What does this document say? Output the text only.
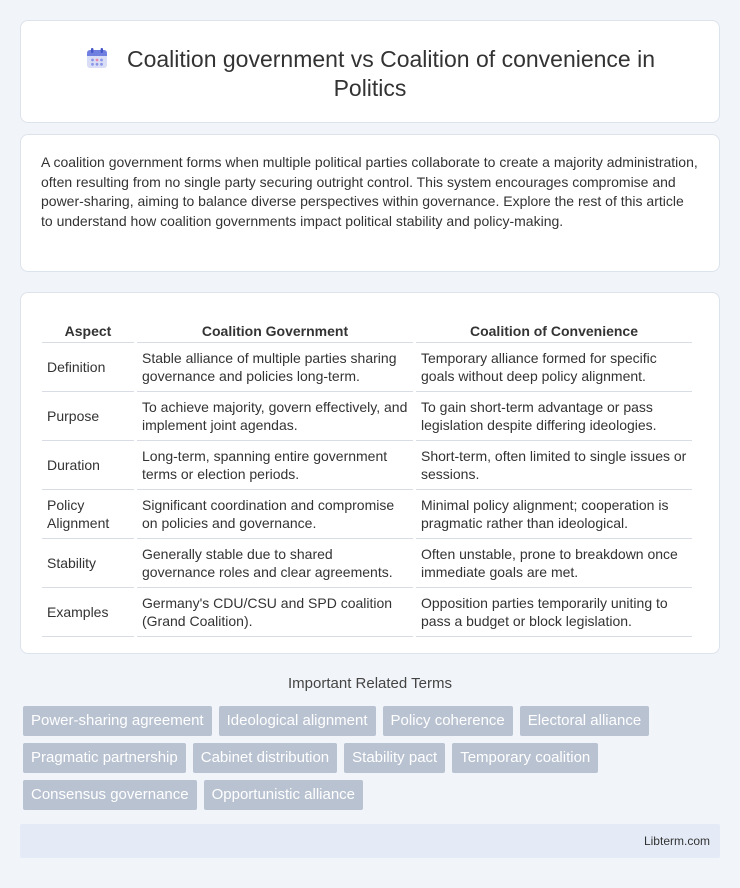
Coalition government vs Coalition of convenience in Politics

A coalition government forms when multiple political parties collaborate to create a majority administration, often resulting from no single party securing outright control. This system encourages compromise and power-sharing, aiming to balance diverse perspectives within governance. Explore the rest of this article to understand how coalition governments impact political stability and policy-making.

Aspect	Coalition Government	Coalition of Convenience
Definition	Stable alliance of multiple parties sharing governance and policies long-term.	Temporary alliance formed for specific goals without deep policy alignment.
Purpose	To achieve majority, govern effectively, and implement joint agendas.	To gain short-term advantage or pass legislation despite differing ideologies.
Duration	Long-term, spanning entire government terms or election periods.	Short-term, often limited to single issues or sessions.
Policy Alignment	Significant coordination and compromise on policies and governance.	Minimal policy alignment; cooperation is pragmatic rather than ideological.
Stability	Generally stable due to shared governance roles and clear agreements.	Often unstable, prone to breakdown once immediate goals are met.
Examples	Germany's CDU/CSU and SPD coalition (Grand Coalition).	Opposition parties temporarily uniting to pass a budget or block legislation.
Important Related Terms
Power-sharing agreement	Ideological alignment	Policy coherence	Electoral alliance
Pragmatic partnership	Cabinet distribution	Stability pact	Temporary coalition
Consensus governance	Opportunistic alliance
Libterm.com
